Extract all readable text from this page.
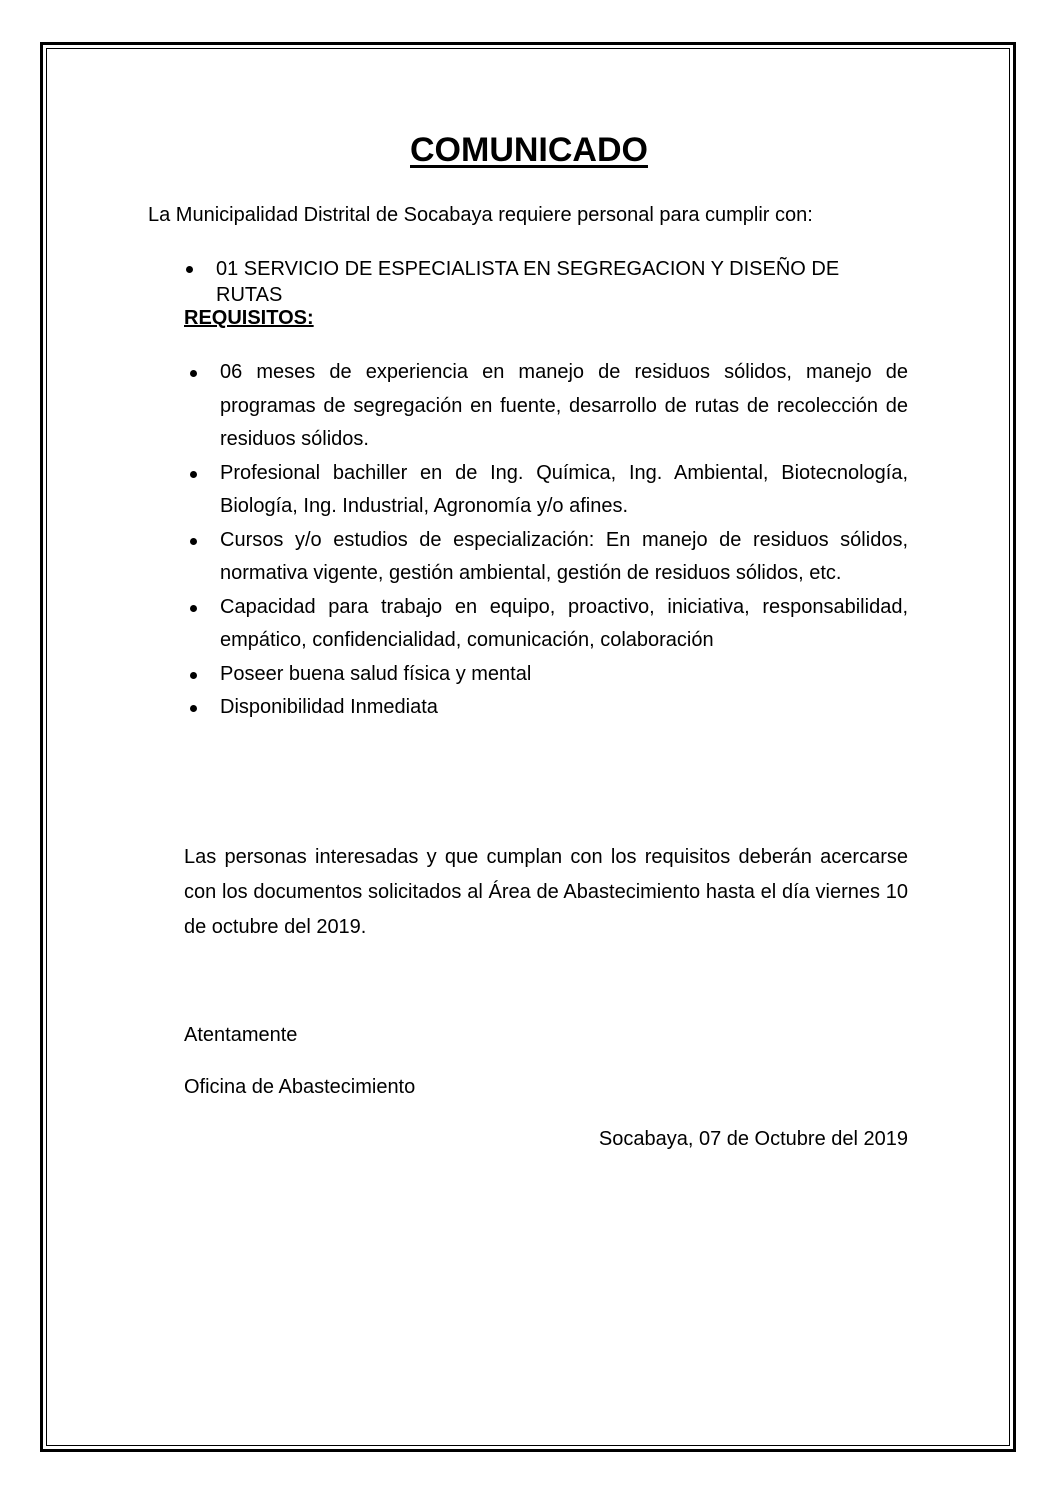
COMUNICADO

La Municipalidad Distrital de Socabaya requiere personal para cumplir con:

01 SERVICIO DE ESPECIALISTA EN SEGREGACION Y DISEÑO DE RUTAS

REQUISITOS:

06 meses de experiencia en manejo de residuos sólidos, manejo de programas de segregación en fuente, desarrollo de rutas de recolección de residuos sólidos.
Profesional bachiller en de Ing. Química, Ing. Ambiental, Biotecnología, Biología, Ing. Industrial, Agronomía y/o afines.
Cursos y/o estudios de especialización: En manejo de residuos sólidos, normativa vigente, gestión ambiental, gestión de residuos sólidos, etc.
Capacidad para trabajo en equipo, proactivo, iniciativa, responsabilidad, empático, confidencialidad, comunicación, colaboración
Poseer buena salud física y mental
Disponibilidad Inmediata

Las personas interesadas y que cumplan con los requisitos deberán acercarse con los documentos solicitados al Área de Abastecimiento hasta el día viernes 10 de octubre del 2019.

Atentamente

Oficina de Abastecimiento

Socabaya, 07 de Octubre del 2019
